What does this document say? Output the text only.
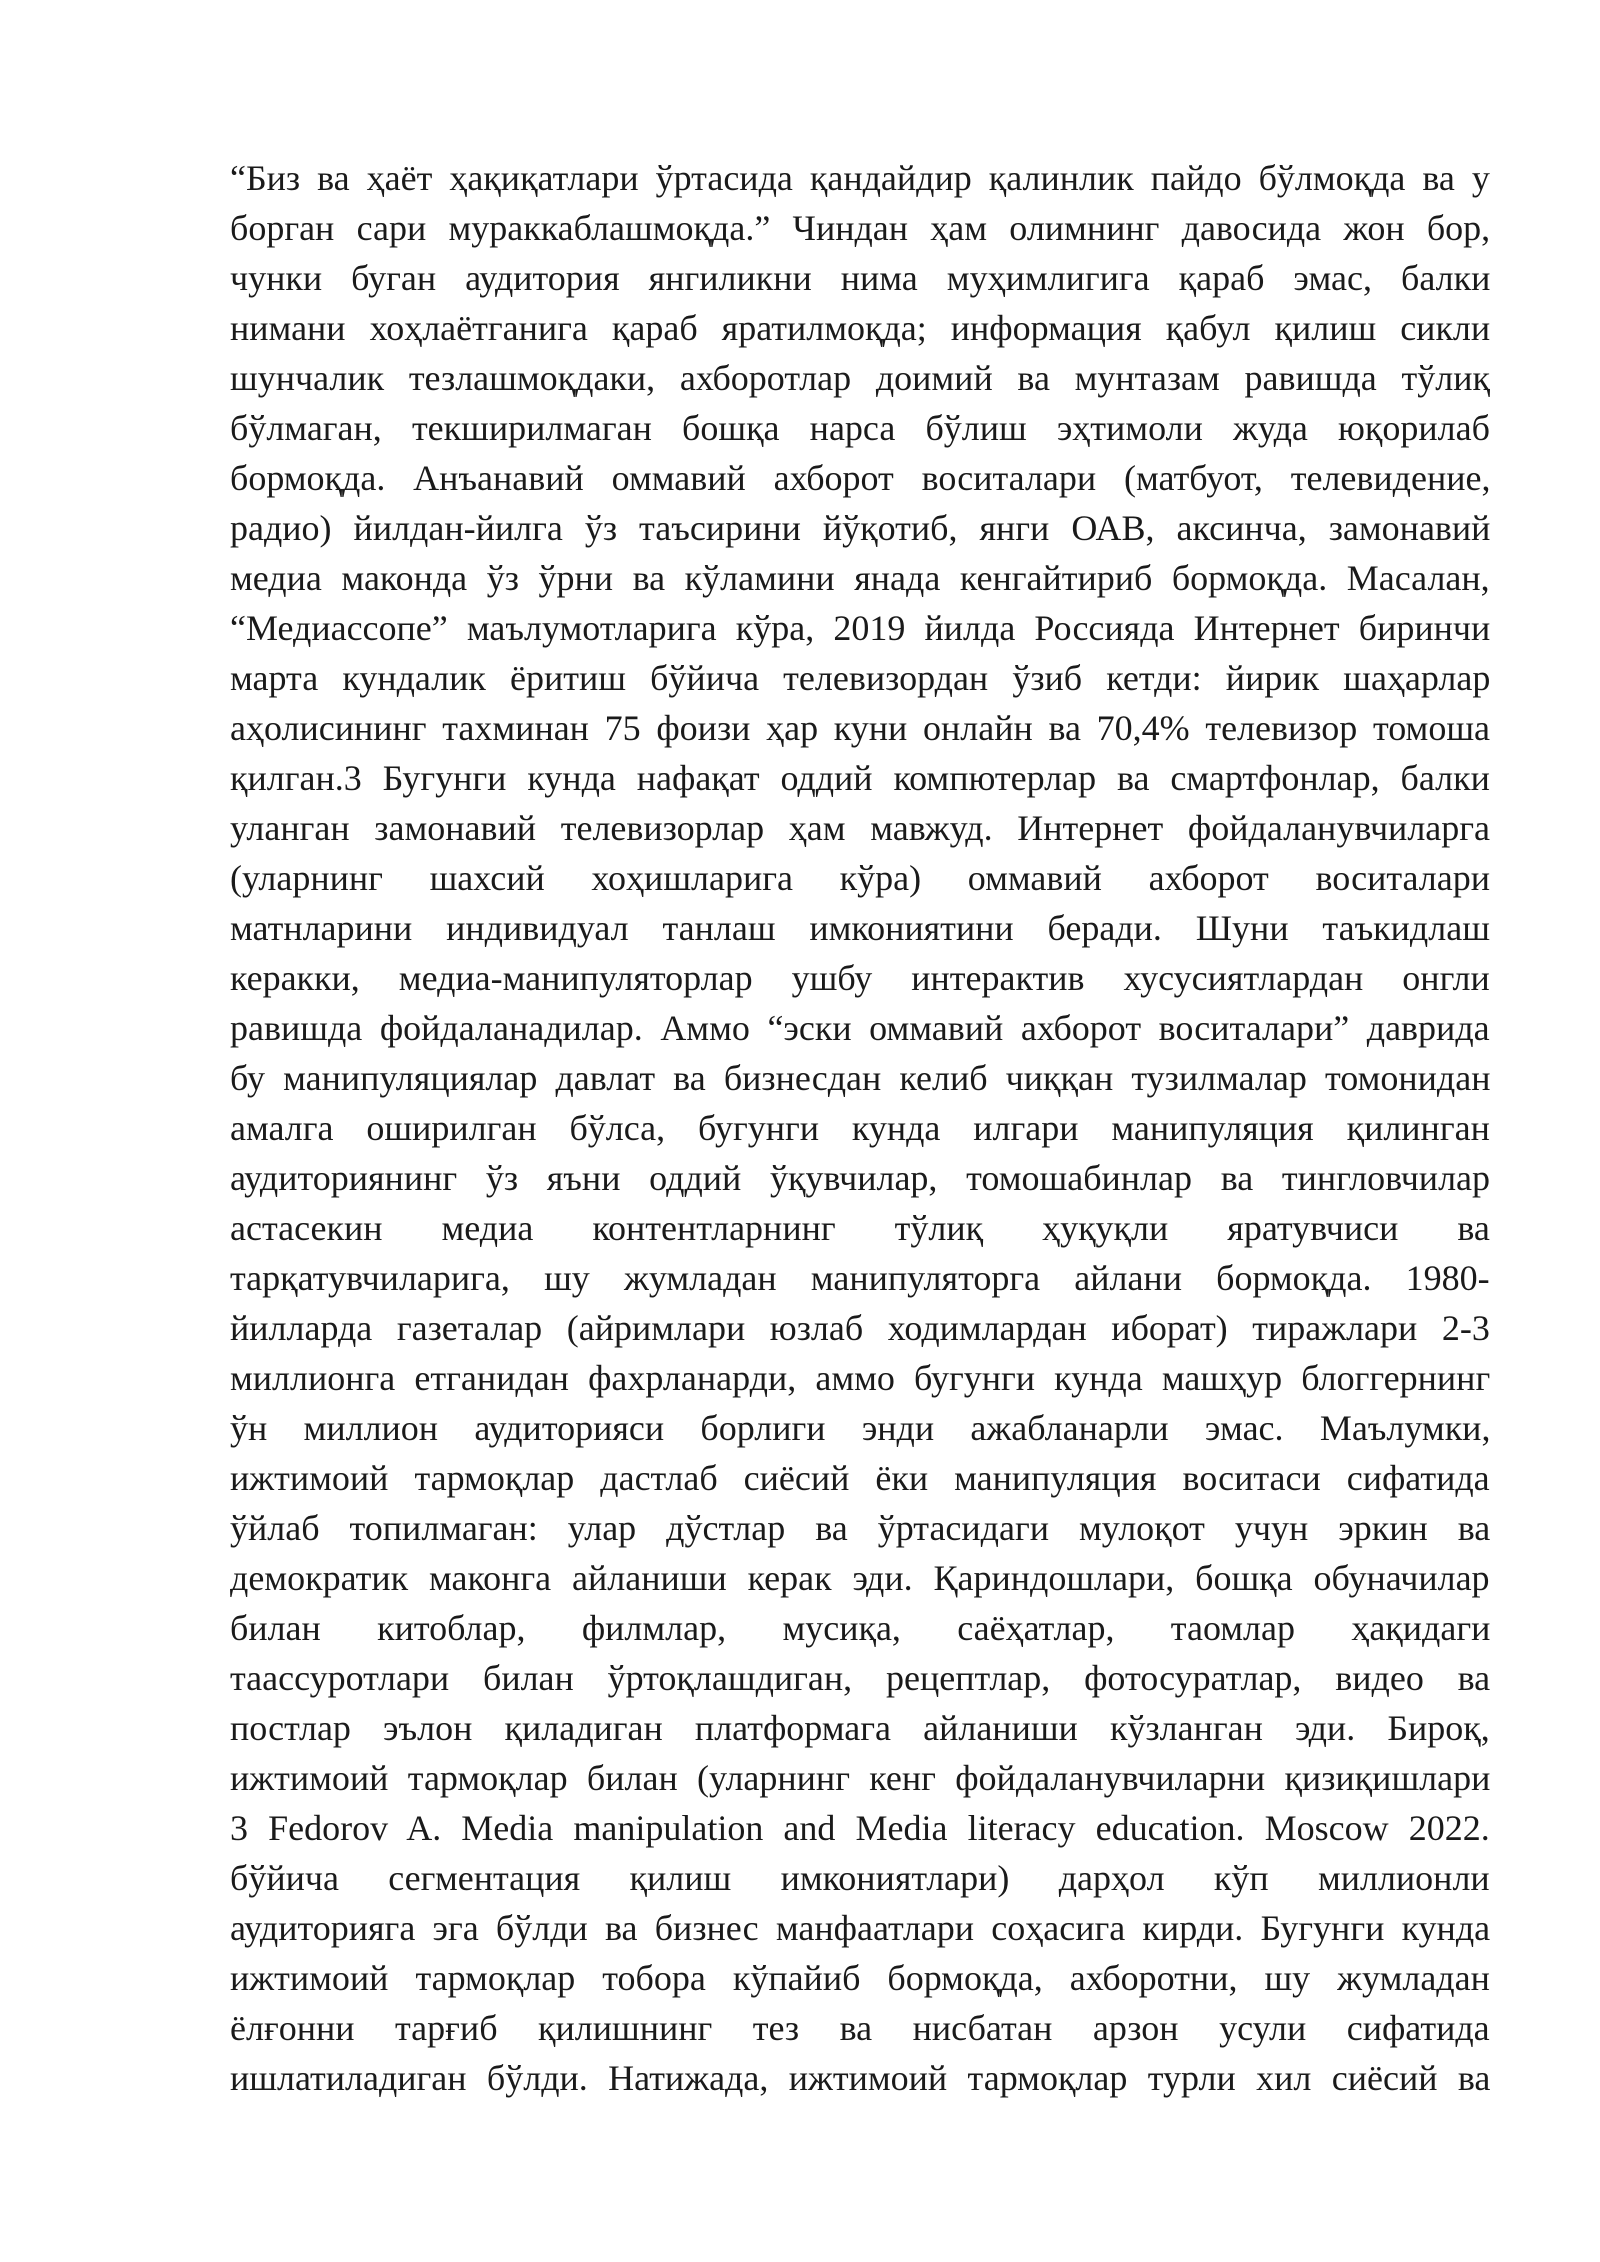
“Биз ва ҳаёт ҳақиқатлари ўртасида қандайдир қалинлик пайдо бўлмоқда ва у
борган сари мураккаблашмоқда.” Чиндан ҳам олимнинг давосида жон бор,
чунки буган аудитория янгиликни нима муҳимлигига қараб эмас, балки
нимани хоҳлаётганига қараб яратилмоқда; информация қабул қилиш сикли
шунчалик тезлашмоқдаки, ахборотлар доимий ва мунтазам равишда тўлиқ
бўлмаган, текширилмаган бошқа нарса бўлиш эҳтимоли жуда юқорилаб
бормоқда. Анъанавий оммавий ахборот воситалари (матбуот, телевидение,
радио) йилдан-йилга ўз таъсирини йўқотиб, янги ОАВ, аксинча, замонавий
медиа маконда ўз ўрни ва кўламини янада кенгайтириб бормоқда. Масалан,
“Медиассопе” маълумотларига кўра, 2019 йилда Россияда Интернет биринчи
марта кундалик ёритиш бўйича телевизордан ўзиб кетди: йирик шаҳарлар
аҳолисининг тахминан 75 фоизи ҳар куни онлайн ва 70,4% телевизор томоша
қилган.3 Бугунги кунда нафақат оддий компютерлар ва смартфонлар, балки
уланган замонавий телевизорлар ҳам мавжуд. Интернет фойдаланувчиларга
(уларнинг шахсий хоҳишларига кўра) оммавий ахборот воситалари
матнларини индивидуал танлаш имкониятини беради. Шуни таъкидлаш
керакки, медиа-манипуляторлар ушбу интерактив хусусиятлардан онгли
равишда фойдаланадилар. Аммо “эски оммавий ахборот воситалари” даврида
бу манипуляциялар давлат ва бизнесдан келиб чиққан тузилмалар томонидан
амалга оширилган бўлса, бугунги кунда илгари манипуляция қилинган
аудиториянинг ўз яъни оддий ўқувчилар, томошабинлар ва тингловчилар
астасекин медиа контентларнинг тўлиқ ҳуқуқли яратувчиси ва
тарқатувчиларига, шу жумладан манипуляторга айлани бормоқда. 1980-
йилларда газеталар (айримлари юзлаб ходимлардан иборат) тиражлари 2-3
миллионга етганидан фахрланарди, аммо бугунги кунда машҳур блоггернинг
ўн миллион аудиторияси борлиги энди ажабланарли эмас. Маълумки,
ижтимоий тармоқлар дастлаб сиёсий ёки манипуляция воситаси сифатида
ўйлаб топилмаган: улар дўстлар ва ўртасидаги мулоқот учун эркин ва
демократик маконга айланиши керак эди. Қариндошлари, бошқа обуначилар
билан китоблар, филмлар, мусиқа, саёҳатлар, таомлар ҳақидаги
таассуротлари билан ўртоқлашдиган, рецептлар, фотосуратлар, видео ва
постлар эълон қиладиган платформага айланиши кўзланган эди. Бироқ,
ижтимоий тармоқлар билан (уларнинг кенг фойдаланувчиларни қизиқишлари
3 Fedorov A. Media manipulation and Media literacy education. Moscow 2022.
бўйича сегментация қилиш имкониятлари) дарҳол кўп миллионли
аудиторияга эга бўлди ва бизнес манфаатлари соҳасига кирди. Бугунги кунда
ижтимоий тармоқлар тобора кўпайиб бормоқда, ахборотни, шу жумладан
ёлғонни тарғиб қилишнинг тез ва нисбатан арзон усули сифатида
ишлатиладиган бўлди. Натижада, ижтимоий тармоқлар турли хил сиёсий ва
